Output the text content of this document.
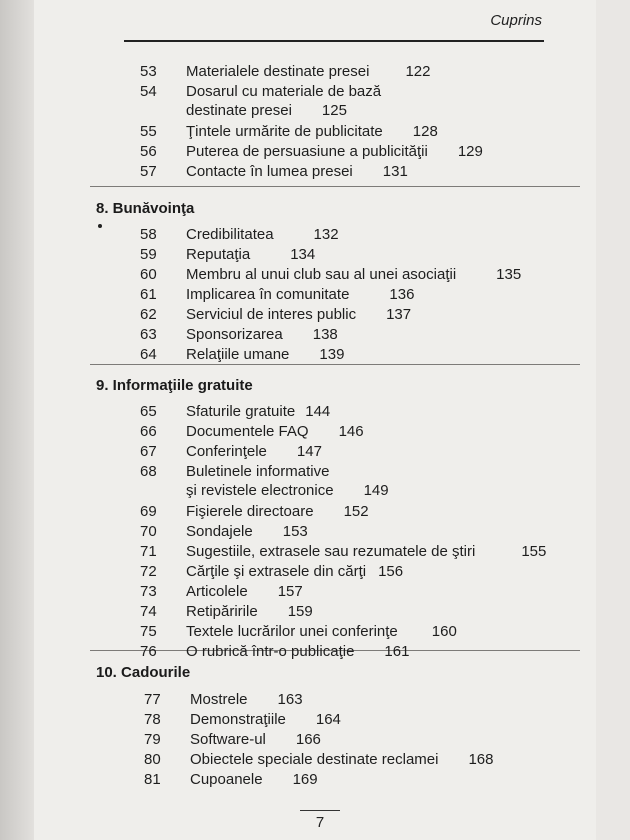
Cuprins
8. Bunăvoinţa
9. Informaţiile gratuite
10. Cadourile
53	Materialele destinate presei 122
54	Dosarul cu materiale de bază
destinate presei 125
55	Ţintele urmărite de publicitate 128
56	Puterea de persuasiune a publicităţii 129
57	Contacte în lumea presei 131
58	Credibilitatea	132
59	Reputaţia	134
60	Membru al unui club sau al unei asociaţii	135
61	Implicarea în comunitate	136
62	Serviciul de interes public 137
63	Sponsorizarea 138
64	Relaţiile umane 139
65	Sfaturile gratuite 144
66	Documentele FAQ 146
67	Conferinţele 147
68	Buletinele informative
şi revistele electronice 149
69	Fişierele directoare 152
70	Sondajele 153
71	Sugestiile, extrasele sau rezumatele de ştiri	155
72	Cărţile şi extrasele din cărţi 156
73	Articolele 157
74	Retipăririle 159
75	Textele lucrărilor unei conferinţe 160
76	O rubrică într-o publicaţie 161
77	Mostrele 163
78	Demonstraţiile 164
79	Software-ul 166
80	Obiectele speciale destinate reclamei 168
81	Cupoanele 169
7
